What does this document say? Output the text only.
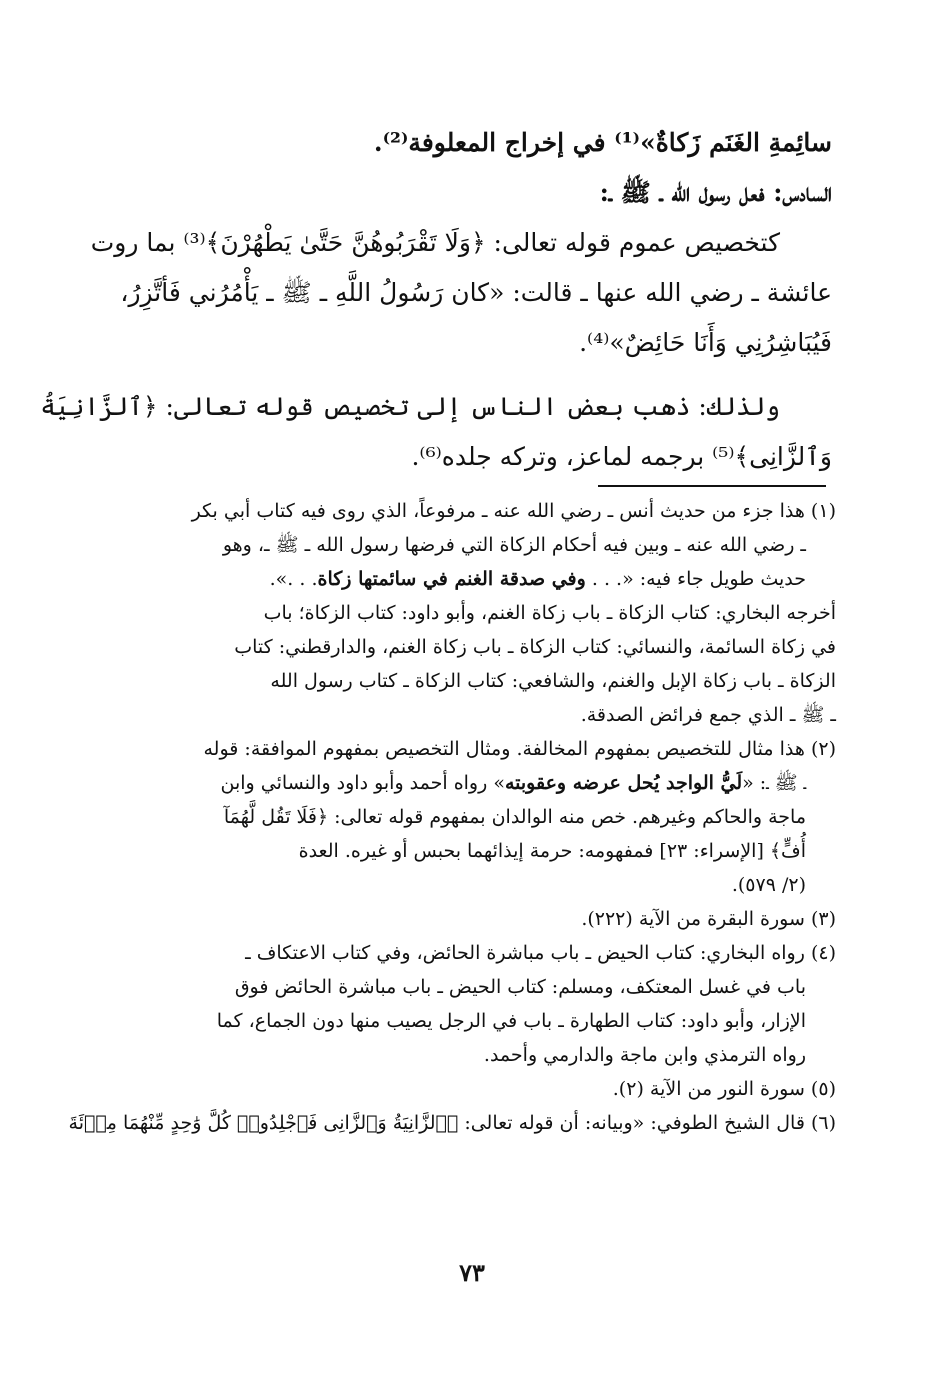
سائِمةِ الغَنَم زَكاةٌ»⁽¹⁾ في إخراج المعلوفة⁽²⁾.
السادس: فعل رسول الله ـ ﷺ ـ:
كتخصيص عموم قوله تعالى: ﴿وَلَا تَقْرَبُوهُنَّ حَتَّىٰ يَطْهُرْنَ﴾⁽³⁾ بما روت
عائشة ـ رضي الله عنها ـ قالت: «كان رَسُولُ اللَّهِ ـ ﷺ ـ يَأْمُرُني فَأتَّزِرُ،
فَيُبَاشِرُنِي وَأَنَا حَائِضٌ»⁽⁴⁾.
ولذلك: ذهب بعض الناس إلى تخصيص قوله تعالى: ﴿ٱلزَّانِيَةُ
وَٱلزَّانِى﴾⁽⁵⁾ برجمه لماعز، وتركه جلده⁽⁶⁾.
(١) هذا جزء من حديث أنس ـ رضي الله عنه ـ مرفوعاً، الذي روى فيه كتاب أبي بكر
ـ رضي الله عنه ـ وبين فيه أحكام الزكاة التي فرضها رسول الله ـ ﷺ ـ، وهو
حديث طويل جاء فيه: «. . . وفي صدقة الغنم في سائمتها زكاة. . .».
أخرجه البخاري: كتاب الزكاة ـ باب زكاة الغنم، وأبو داود: كتاب الزكاة؛ باب
في زكاة السائمة، والنسائي: كتاب الزكاة ـ باب زكاة الغنم، والدارقطني: كتاب
الزكاة ـ باب زكاة الإبل والغنم، والشافعي: كتاب الزكاة ـ كتاب رسول الله
ـ ﷺ ـ الذي جمع فرائض الصدقة.
(٢) هذا مثال للتخصيص بمفهوم المخالفة. ومثال التخصيص بمفهوم الموافقة: قوله
ـ ﷺ ـ: «لَيُّ الواجد يُحل عرضه وعقوبته» رواه أحمد وأبو داود والنسائي وابن
ماجة والحاكم وغيرهم. خص منه الوالدان بمفهوم قوله تعالى: ﴿فَلَا تَقُل لَّهُمَآ
أُفٍّ﴾ [الإسراء: ٢٣] فمفهومه: حرمة إيذائهما بحبس أو غيره. العدة
(٢/ ٥٧٩).
(٣) سورة البقرة من الآية (٢٢٢).
(٤) رواه البخاري: كتاب الحيض ـ باب مباشرة الحائض، وفي كتاب الاعتكاف ـ
باب في غسل المعتكف، ومسلم: كتاب الحيض ـ باب مباشرة الحائض فوق
الإزار، وأبو داود: كتاب الطهارة ـ باب في الرجل يصيب منها دون الجماع، كما
رواه الترمذي وابن ماجة والدارمي وأحمد.
(٥) سورة النور من الآية (٢).
(٦) قال الشيخ الطوفي: «وبيانه: أن قوله تعالى: ﴿ٱلزَّانِيَةُ وَٱلزَّانِى فَٱجْلِدُوا۟ كُلَّ وَٰحِدٍ مِّنْهُمَا مِا۟ئَةَ
٧٣
